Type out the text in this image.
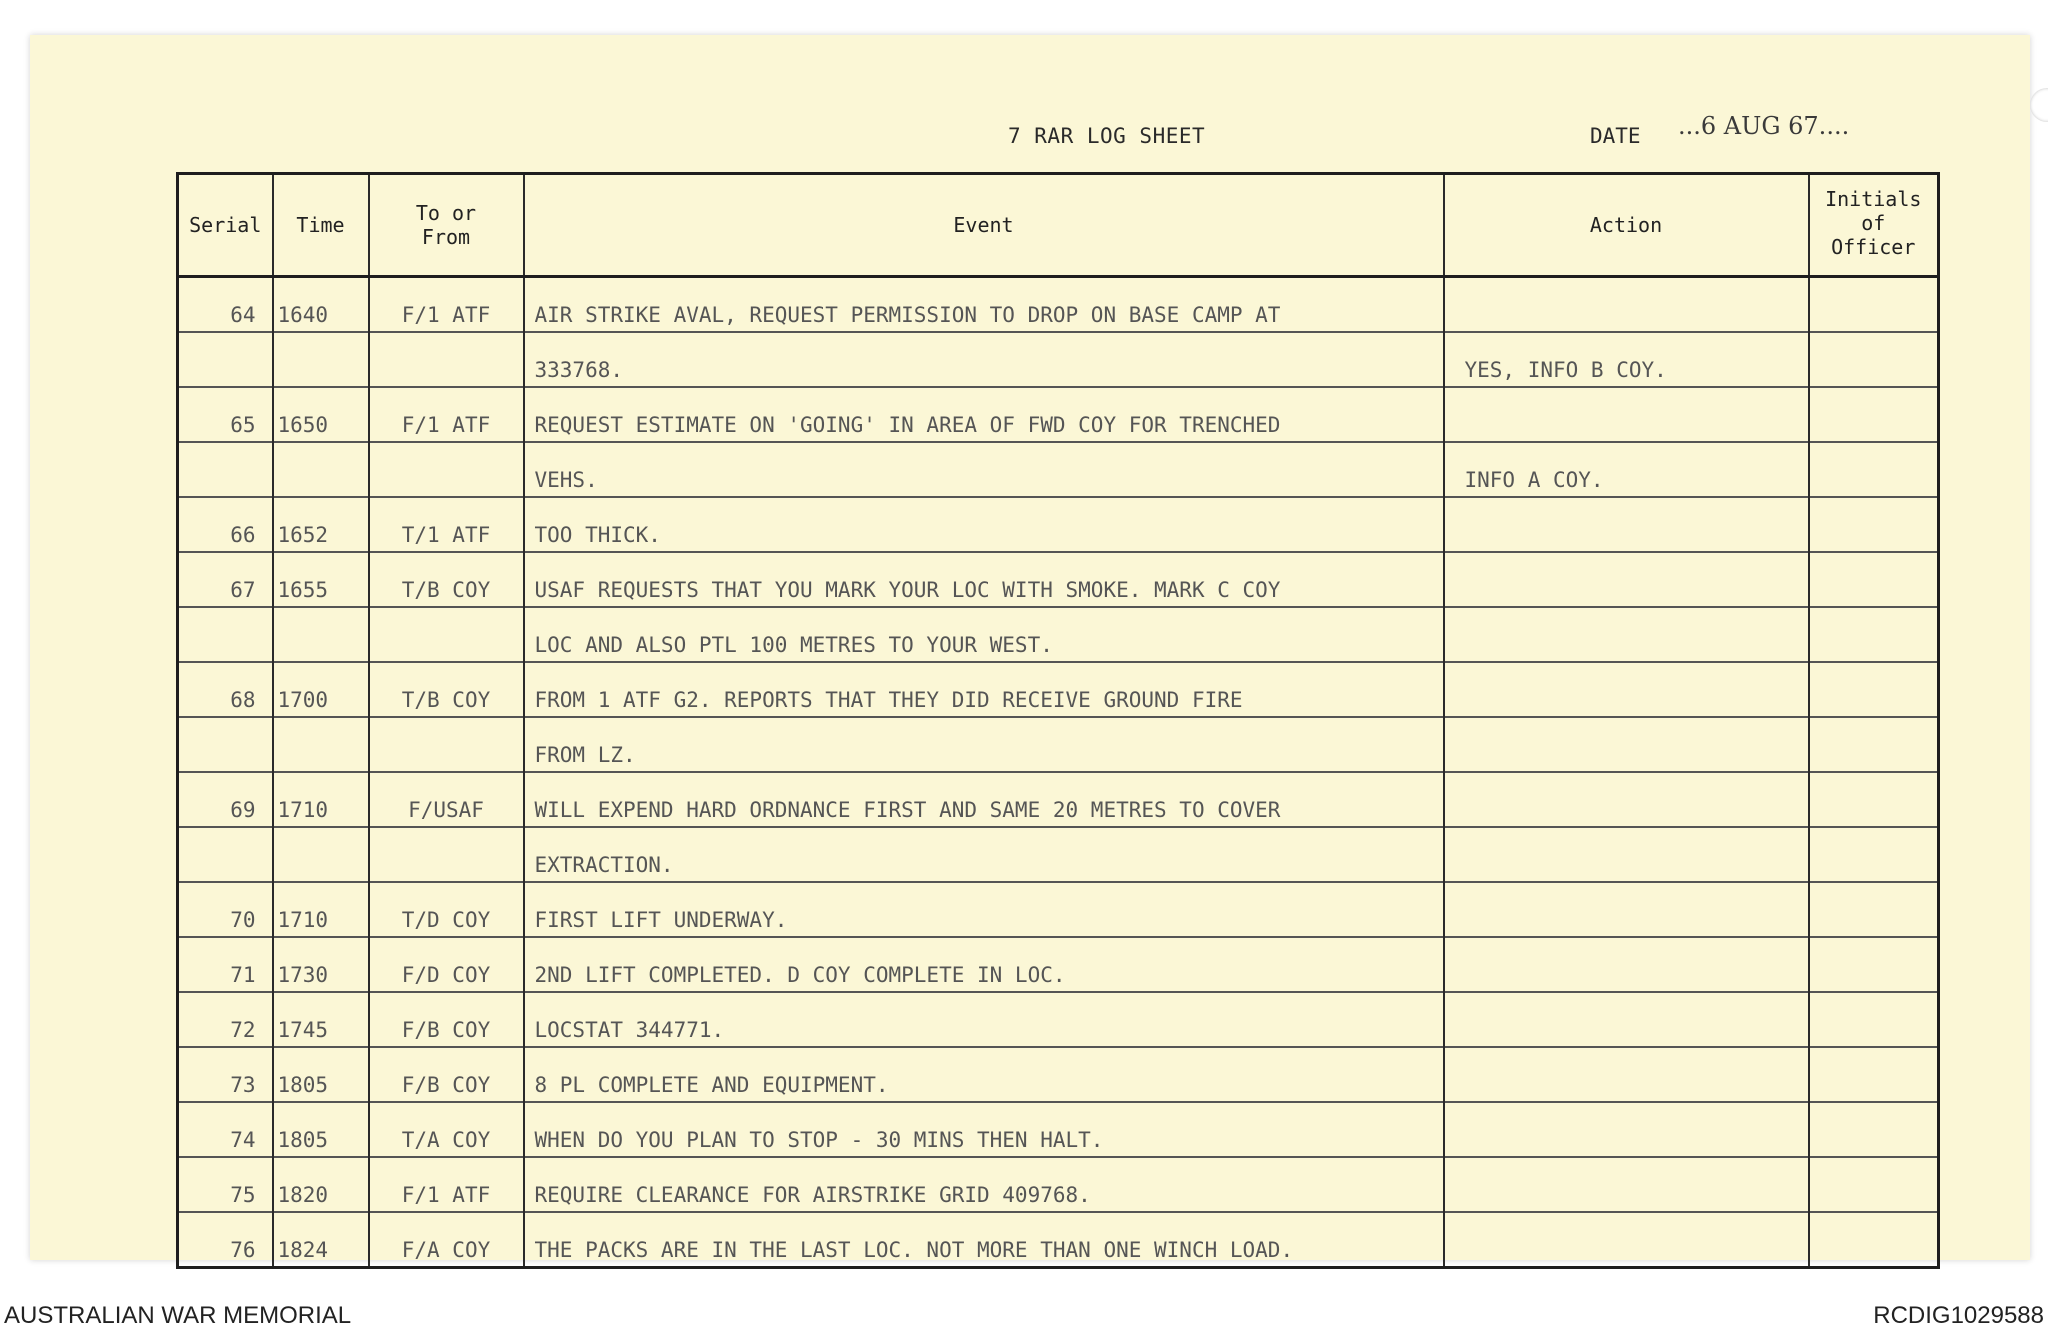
7 RAR LOG SHEET	DATE ...6 AUG 67....
Serial	Time	To or From	Event	Action	Initials of Officer
64	1640	F/1 ATF	AIR STRIKE AVAL, REQUEST PERMISSION TO DROP ON BASE CAMP AT		
			333768.	YES, INFO B COY.	
65	1650	F/1 ATF	REQUEST ESTIMATE ON 'GOING' IN AREA OF FWD COY FOR TRENCHED		
			VEHS.	INFO A COY.	
66	1652	T/1 ATF	TOO THICK.		
67	1655	T/B COY	USAF REQUESTS THAT YOU MARK YOUR LOC WITH SMOKE. MARK C COY		
			LOC AND ALSO PTL 100 METRES TO YOUR WEST.		
68	1700	T/B COY	FROM 1 ATF G2. REPORTS THAT THEY DID RECEIVE GROUND FIRE		
			FROM LZ.		
69	1710	F/USAF	WILL EXPEND HARD ORDNANCE FIRST AND SAME 20 METRES TO COVER		
			EXTRACTION.		
70	1710	T/D COY	FIRST LIFT UNDERWAY.		
71	1730	F/D COY	2ND LIFT COMPLETED. D COY COMPLETE IN LOC.		
72	1745	F/B COY	LOCSTAT 344771.		
73	1805	F/B COY	8 PL COMPLETE AND EQUIPMENT.		
74	1805	T/A COY	WHEN DO YOU PLAN TO STOP - 30 MINS THEN HALT.		
75	1820	F/1 ATF	REQUIRE CLEARANCE FOR AIRSTRIKE GRID 409768.		
76	1824	F/A COY	THE PACKS ARE IN THE LAST LOC. NOT MORE THAN ONE WINCH LOAD.		
AUSTRALIAN WAR MEMORIAL	RCDIG1029588
